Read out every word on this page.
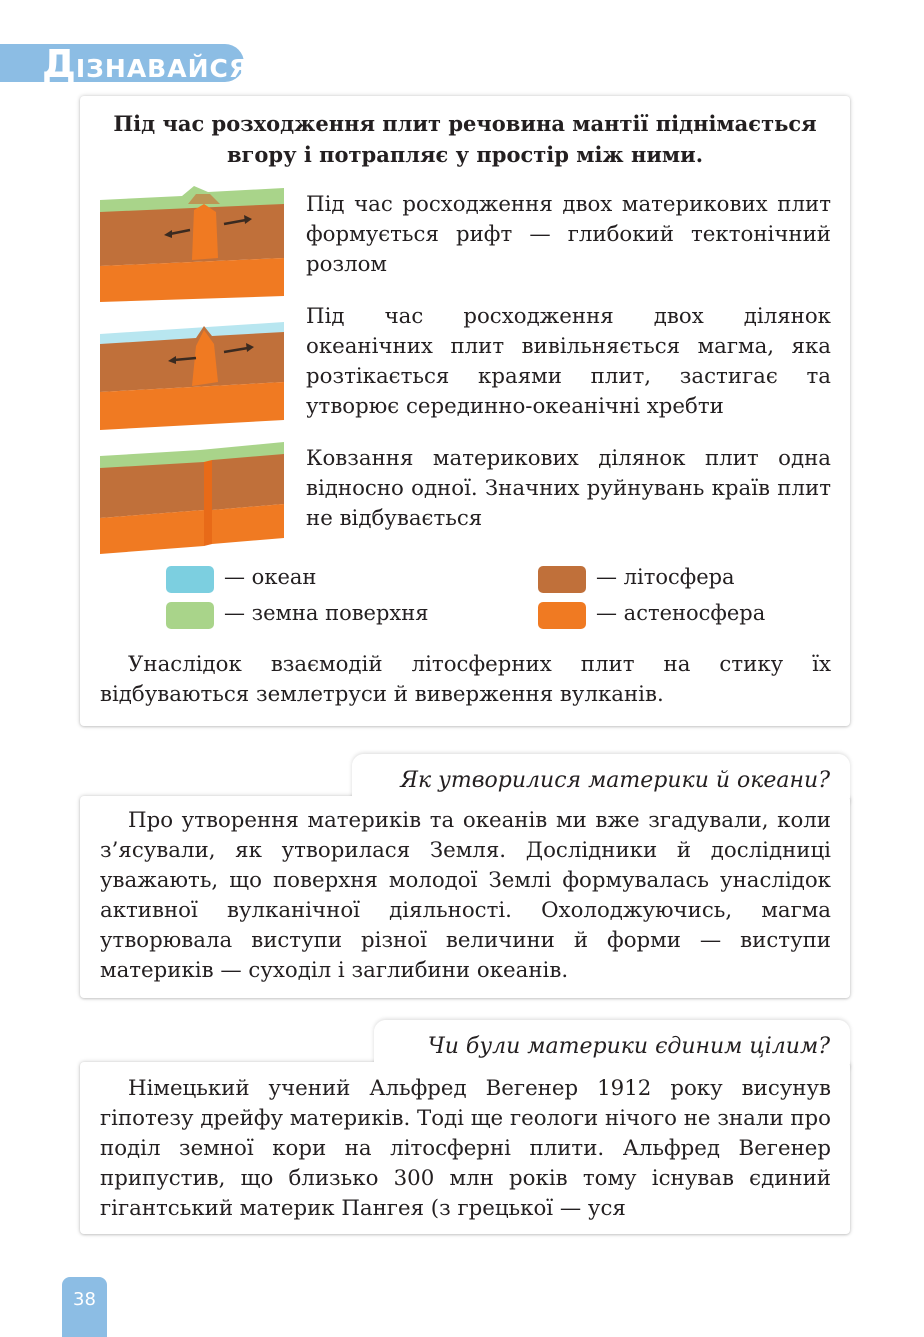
ДІЗНАВАЙСЯ
Під час розходження плит речовина мантії піднімається вгору і потрапляє у простір між ними.
Під час росходження двох материкових плит формується рифт — глибокий тектонічний розлом
Під час росходження двох ділянок океанічних плит вивільняється магма, яка розтікається краями плит, застигає та утворює серединно-океанічні хребти
Ковзання материкових ділянок плит одна відносно одної. Значних руйнувань країв плит не відбувається
— океан
— земна поверхня
— літосфера
— астеносфера

Унаслідок взаємодій літосферних плит на стику їх відбуваються землетруси й виверження вулканів.

Як утворилися материки й океани?

Про утворення материків та океанів ми вже згадували, коли з’ясували, як утворилася Земля. Дослідники й дослідниці уважають, що поверхня молодої Землі формувалась унаслідок активної вулканічної діяльності. Охолоджуючись, магма утворювала виступи різної величини й форми — виступи материків — суходіл і заглибини океанів.

Чи були материки єдиним цілим?

Німецький учений Альфред Вегенер 1912 року висунув гіпотезу дрейфу материків. Тоді ще геологи нічого не знали про поділ земної кори на літосферні плити. Альфред Вегенер припустив, що близько 300 млн років тому існував єдиний гігантський материк Пангея (з грецької — уся

38
